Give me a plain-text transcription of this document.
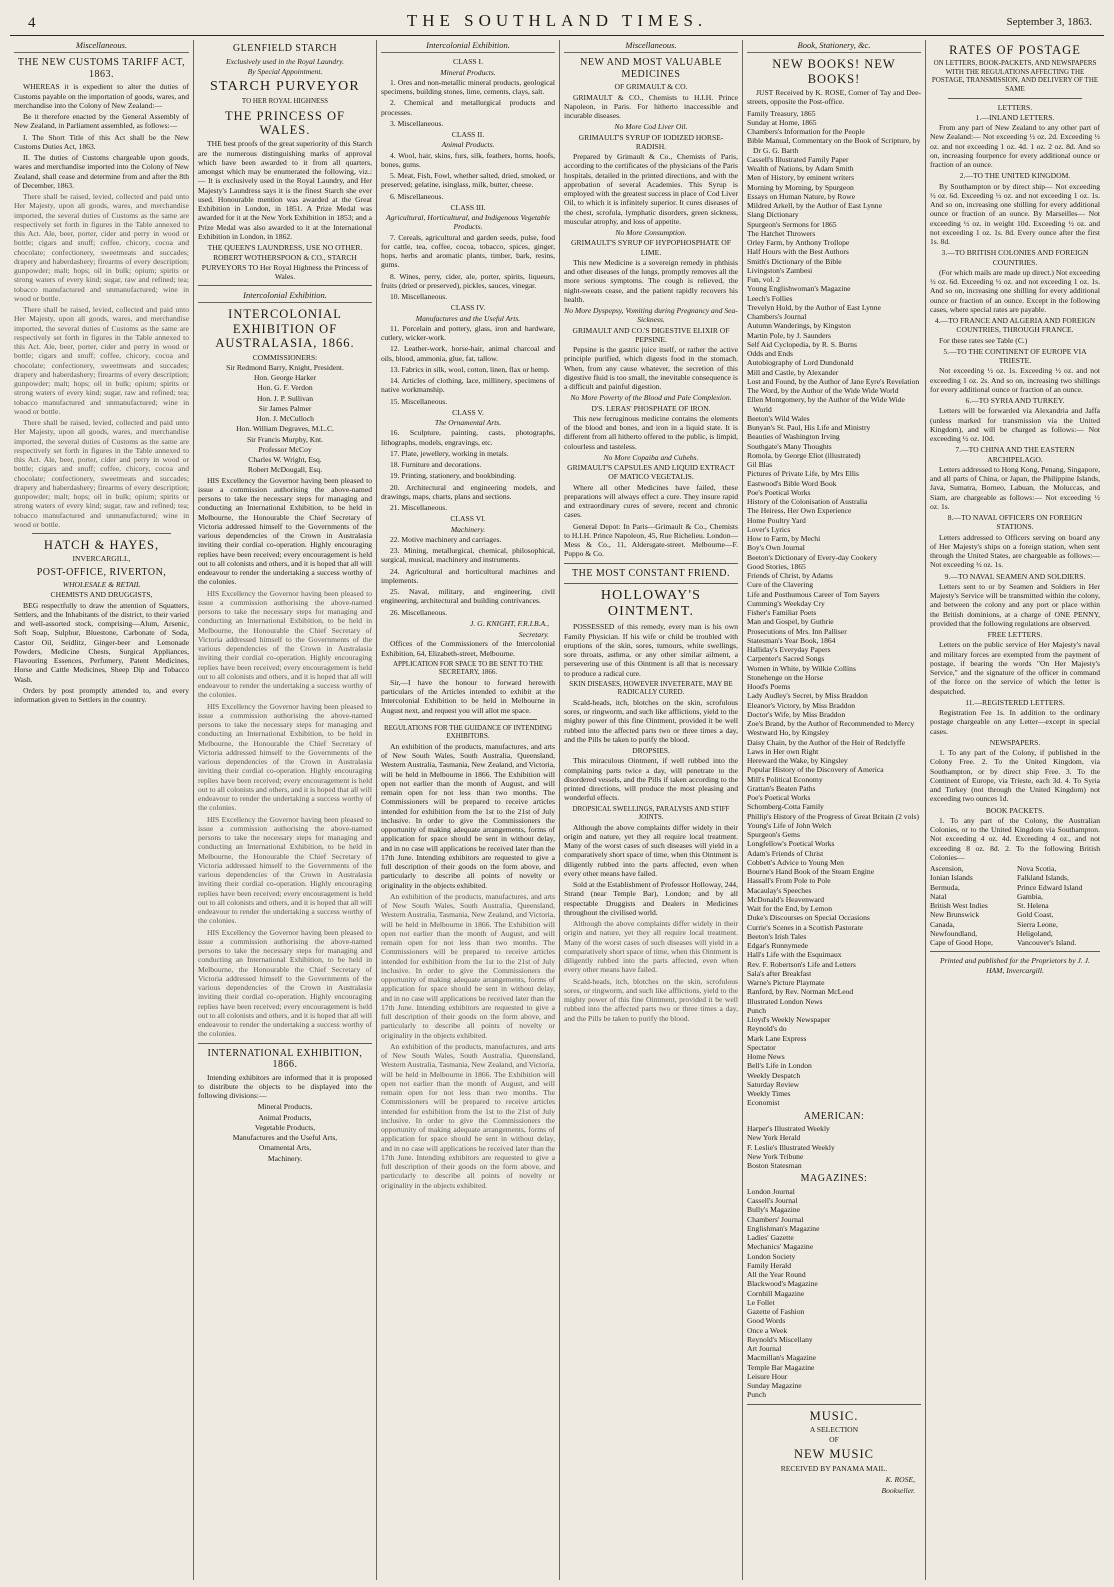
4	THE SOUTHLAND TIMES.	September 3, 1863.
Miscellaneous.
THE NEW CUSTOMS TARIFF ACT, 1863.

WHEREAS it is expedient to alter the duties of Customs payable on the importation of goods, wares, and merchandise into the Colony of New Zealand:—

Be it therefore enacted by the General Assembly of New Zealand, in Parliament assembled, as follows:—

I. The Short Title of this Act shall be the New Customs Duties Act, 1863.

II. The duties of Customs chargeable upon goods, wares and merchandise imported into the Colony of New Zealand, shall cease and determine from and after the 8th of December, 1863.

There shall be raised, levied, collected and paid unto Her Majesty, upon all goods, wares, and merchandise imported, the several duties of Customs as the same are respectively set forth in figures in the Table annexed to this Act. Ale, beer, porter, cider and perry in wood or bottle; cigars and snuff; coffee, chicory, cocoa and chocolate; confectionery, sweetmeats and succades; drapery and haberdashery; firearms of every description; gunpowder; malt; hops; oil in bulk; opium; spirits or strong waters of every kind; sugar, raw and refined; tea; tobacco manufactured and unmanufactured; wine in wood or bottle.

There shall be raised, levied, collected and paid unto Her Majesty, upon all goods, wares, and merchandise imported, the several duties of Customs as the same are respectively set forth in figures in the Table annexed to this Act. Ale, beer, porter, cider and perry in wood or bottle; cigars and snuff; coffee, chicory, cocoa and chocolate; confectionery, sweetmeats and succades; drapery and haberdashery; firearms of every description; gunpowder; malt; hops; oil in bulk; opium; spirits or strong waters of every kind; sugar, raw and refined; tea; tobacco manufactured and unmanufactured; wine in wood or bottle.

There shall be raised, levied, collected and paid unto Her Majesty, upon all goods, wares, and merchandise imported, the several duties of Customs as the same are respectively set forth in figures in the Table annexed to this Act. Ale, beer, porter, cider and perry in wood or bottle; cigars and snuff; coffee, chicory, cocoa and chocolate; confectionery, sweetmeats and succades; drapery and haberdashery; firearms of every description; gunpowder; malt; hops; oil in bulk; opium; spirits or strong waters of every kind; sugar, raw and refined; tea; tobacco manufactured and unmanufactured; wine in wood or bottle.

HATCH & HAYES,
INVERCARGILL,
POST-OFFICE, RIVERTON,
WHOLESALE & RETAIL
CHEMISTS AND DRUGGISTS,

BEG respectfully to draw the attention of Squatters, Settlers, and the Inhabitants of the district, to their varied and well-assorted stock, comprising—Alum, Arsenic, Soft Soap, Sulphur, Bluestone, Carbonate of Soda, Castor Oil, Seidlitz, Ginger-beer and Lemonade Powders, Medicine Chests, Surgical Appliances, Flavouring Essences, Perfumery, Patent Medicines, Horse and Cattle Medicines, Sheep Dip and Tobacco Wash.

Orders by post promptly attended to, and every information given to Settlers in the country.

GLENFIELD STARCH
Exclusively used in the Royal Laundry.
By Special Appointment.
STARCH PURVEYOR
TO HER ROYAL HIGHNESS
THE PRINCESS OF WALES.

THE best proofs of the great superiority of this Starch are the numerous distinguishing marks of approval which have been awarded to it from all quarters, amongst which may be enumerated the following, viz.:— It is exclusively used in the Royal Laundry, and Her Majesty's Laundress says it is the finest Starch she ever used. Honourable mention was awarded at the Great Exhibition in London, in 1851. A Prize Medal was awarded for it at the New York Exhibition in 1853; and a Prize Medal was also awarded to it at the International Exhibition in London, in 1862.

THE QUEEN'S LAUNDRESS, USE NO OTHER.
ROBERT WOTHERSPOON & CO., STARCH PURVEYORS TO Her Royal Highness the Princess of Wales.
Intercolonial Exhibition.
INTERCOLONIAL EXHIBITION OF AUSTRALASIA, 1866.
COMMISSIONERS:
Sir Redmond Barry, Knight, President.
Hon. George Harker
Hon. G. F. Verdon
Hon. J. P. Sullivan
Sir James Palmer
Hon. J. McCulloch
Hon. William Degraves, M.L.C.
Sir Francis Murphy, Knt.
Professor McCoy
Charles W. Wright, Esq.
Robert McDougall, Esq.

HIS Excellency the Governor having been pleased to issue a commission authorising the above-named persons to take the necessary steps for managing and conducting an International Exhibition, to be held in Melbourne, the Honourable the Chief Secretary of Victoria addressed himself to the Governments of the various dependencies of the Crown in Australasia inviting their cordial co-operation. Highly encouraging replies have been received; every encouragement is held out to all colonists and others, and it is hoped that all will endeavour to render the undertaking a success worthy of the colonies.

HIS Excellency the Governor having been pleased to issue a commission authorising the above-named persons to take the necessary steps for managing and conducting an International Exhibition, to be held in Melbourne, the Honourable the Chief Secretary of Victoria addressed himself to the Governments of the various dependencies of the Crown in Australasia inviting their cordial co-operation. Highly encouraging replies have been received; every encouragement is held out to all colonists and others, and it is hoped that all will endeavour to render the undertaking a success worthy of the colonies.

HIS Excellency the Governor having been pleased to issue a commission authorising the above-named persons to take the necessary steps for managing and conducting an International Exhibition, to be held in Melbourne, the Honourable the Chief Secretary of Victoria addressed himself to the Governments of the various dependencies of the Crown in Australasia inviting their cordial co-operation. Highly encouraging replies have been received; every encouragement is held out to all colonists and others, and it is hoped that all will endeavour to render the undertaking a success worthy of the colonies.

HIS Excellency the Governor having been pleased to issue a commission authorising the above-named persons to take the necessary steps for managing and conducting an International Exhibition, to be held in Melbourne, the Honourable the Chief Secretary of Victoria addressed himself to the Governments of the various dependencies of the Crown in Australasia inviting their cordial co-operation. Highly encouraging replies have been received; every encouragement is held out to all colonists and others, and it is hoped that all will endeavour to render the undertaking a success worthy of the colonies.

HIS Excellency the Governor having been pleased to issue a commission authorising the above-named persons to take the necessary steps for managing and conducting an International Exhibition, to be held in Melbourne, the Honourable the Chief Secretary of Victoria addressed himself to the Governments of the various dependencies of the Crown in Australasia inviting their cordial co-operation. Highly encouraging replies have been received; every encouragement is held out to all colonists and others, and it is hoped that all will endeavour to render the undertaking a success worthy of the colonies.

INTERNATIONAL EXHIBITION, 1866.

Intending exhibitors are informed that it is proposed to distribute the objects to be displayed into the following divisions:—

Mineral Products,
Animal Products,
Vegetable Products,
Manufactures and the Useful Arts,
Ornamental Arts,
Machinery.
Intercolonial Exhibition.
CLASS I.
Mineral Products.

1. Ores and non-metallic mineral products, geological specimens, building stones, lime, cements, clays, salt.

2. Chemical and metallurgical products and processes.

3. Miscellaneous.

CLASS II.
Animal Products.

4. Wool, hair, skins, furs, silk, feathers, horns, hoofs, bones, gums.

5. Meat, Fish, Fowl, whether salted, dried, smoked, or preserved; gelatine, isinglass, milk, butter, cheese.

6. Miscellaneous.

CLASS III.
Agricultural, Horticultural, and Indigenous Vegetable Products.

7. Cereals, agricultural and garden seeds, pulse, food for cattle, tea, coffee, cocoa, tobacco, spices, ginger, hops, herbs and aromatic plants, timber, bark, resins, gums.

8. Wines, perry, cider, ale, porter, spirits, liqueurs, fruits (dried or preserved), pickles, sauces, vinegar.

10. Miscellaneous.

CLASS IV.
Manufactures and the Useful Arts.

11. Porcelain and pottery, glass, iron and hardware, cutlery, wicker-work.

12. Leather-work, horse-hair, animal charcoal and oils, blood, ammonia, glue, fat, tallow.

13. Fabrics in silk, wool, cotton, linen, flax or hemp.

14. Articles of clothing, lace, millinery, specimens of native workmanship.

15. Miscellaneous.

CLASS V.
The Ornamental Arts.

16. Sculpture, painting, casts, photographs, lithographs, models, engravings, etc.

17. Plate, jewellery, working in metals.

18. Furniture and decorations.

19. Printing, stationery, and bookbinding.

20. Architectural and engineering models, and drawings, maps, charts, plans and sections.

21. Miscellaneous.

CLASS VI.
Machinery.

22. Motive machinery and carriages.

23. Mining, metallurgical, chemical, philosophical, surgical, musical, machinery and instruments.

24. Agricultural and horticultural machines and implements.

25. Naval, military, and engineering, civil engineering, architectural and building contrivances.

26. Miscellaneous.

J. G. KNIGHT, F.R.I.B.A.,
Secretary.

Offices of the Commissioners of the Intercolonial Exhibition, 64, Elizabeth-street, Melbourne.

APPLICATION FOR SPACE TO BE SENT TO THE SECRETARY, 1866.

Sir,—I have the honour to forward herewith particulars of the Articles intended to exhibit at the Intercolonial Exhibition to be held in Melbourne in August next, and request you will allot me space.

REGULATIONS FOR THE GUIDANCE OF INTENDING EXHIBITORS.

An exhibition of the products, manufactures, and arts of New South Wales, South Australia, Queensland, Western Australia, Tasmania, New Zealand, and Victoria, will be held in Melbourne in 1866. The Exhibition will open not earlier than the month of August, and will remain open for not less than two months. The Commissioners will be prepared to receive articles intended for exhibition from the 1st to the 21st of July inclusive. In order to give the Commissioners the opportunity of making adequate arrangements, forms of application for space should be sent in without delay, and in no case will applications be received later than the 17th June. Intending exhibitors are requested to give a full description of their goods on the form above, and particularly to describe all points of novelty or originality in the objects exhibited.

An exhibition of the products, manufactures, and arts of New South Wales, South Australia, Queensland, Western Australia, Tasmania, New Zealand, and Victoria, will be held in Melbourne in 1866. The Exhibition will open not earlier than the month of August, and will remain open for not less than two months. The Commissioners will be prepared to receive articles intended for exhibition from the 1st to the 21st of July inclusive. In order to give the Commissioners the opportunity of making adequate arrangements, forms of application for space should be sent in without delay, and in no case will applications be received later than the 17th June. Intending exhibitors are requested to give a full description of their goods on the form above, and particularly to describe all points of novelty or originality in the objects exhibited.

An exhibition of the products, manufactures, and arts of New South Wales, South Australia, Queensland, Western Australia, Tasmania, New Zealand, and Victoria, will be held in Melbourne in 1866. The Exhibition will open not earlier than the month of August, and will remain open for not less than two months. The Commissioners will be prepared to receive articles intended for exhibition from the 1st to the 21st of July inclusive. In order to give the Commissioners the opportunity of making adequate arrangements, forms of application for space should be sent in without delay, and in no case will applications be received later than the 17th June. Intending exhibitors are requested to give a full description of their goods on the form above, and particularly to describe all points of novelty or originality in the objects exhibited.

Miscellaneous.
NEW AND MOST VALUABLE MEDICINES
OF GRIMAULT & CO.

GRIMAULT & CO., Chemists to H.I.H. Prince Napoleon, in Paris. For hitherto inaccessible and incurable diseases.

No More Cod Liver Oil.
GRIMAULT'S SYRUP OF IODIZED HORSE-RADISH.

Prepared by Grimault & Co., Chemists of Paris, according to the certificates of the physicians of the Paris hospitals, detailed in the printed directions, and with the approbation of several Academies. This Syrup is employed with the greatest success in place of Cod Liver Oil, to which it is infinitely superior. It cures diseases of the chest, scrofula, lymphatic disorders, green sickness, muscular atrophy, and loss of appetite.

No More Consumption.
GRIMAULT'S SYRUP OF HYPOPHOSPHATE OF LIME.

This new Medicine is a sovereign remedy in phthisis and other diseases of the lungs, promptly removes all the more serious symptoms. The cough is relieved, the night-sweats cease, and the patient rapidly recovers his health.

No More Dyspepsy, Vomiting during Pregnancy and Sea-Sickness.
GRIMAULT AND CO.'S DIGESTIVE ELIXIR OF PEPSINE.

Pepsine is the gastric juice itself, or rather the active principle purified, which digests food in the stomach. When, from any cause whatever, the secretion of this digestive fluid is too small, the inevitable consequence is a difficult and painful digestion.

No More Poverty of the Blood and Pale Complexion.
D'S. LERAS' PHOSPHATE OF IRON.

This new ferruginous medicine contains the elements of the blood and bones, and iron in a liquid state. It is different from all hitherto offered to the public, is limpid, colourless and tasteless.

No More Copaiba and Cubebs.
GRIMAULT'S CAPSULES AND LIQUID EXTRACT OF MATICO VEGETALIS.

Where all other Medicines have failed, these preparations will always effect a cure. They insure rapid and extraordinary cures of severe, recent and chronic cases.

General Depot: In Paris—Grimault & Co., Chemists to H.I.H. Prince Napoleon, 45, Rue Richelieu. London—Mess & Co., 11, Aldersgate-street. Melbourne—F. Puppo & Co.

THE MOST CONSTANT FRIEND.
HOLLOWAY'S OINTMENT.

POSSESSED of this remedy, every man is his own Family Physician. If his wife or child be troubled with eruptions of the skin, sores, tumours, white swellings, sore throats, asthma, or any other similar ailment, a persevering use of this Ointment is all that is necessary to produce a radical cure.

SKIN DISEASES, HOWEVER INVETERATE, MAY BE RADICALLY CURED.

Scald-heads, itch, blotches on the skin, scrofulous sores, or ringworm, and such like afflictions, yield to the mighty power of this fine Ointment, provided it be well rubbed into the affected parts two or three times a day, and the Pills be taken to purify the blood.

DROPSIES.

This miraculous Ointment, if well rubbed into the complaining parts twice a day, will penetrate to the disordered vessels, and the Pills if taken according to the printed directions, will produce the most pleasing and wonderful effects.

DROPSICAL SWELLINGS, PARALYSIS AND STIFF JOINTS.

Although the above complaints differ widely in their origin and nature, yet they all require local treatment. Many of the worst cases of such diseases will yield in a comparatively short space of time, when this Ointment is diligently rubbed into the parts affected, even when every other means have failed.

Sold at the Establishment of Professor Holloway, 244, Strand (near Temple Bar), London; and by all respectable Druggists and Dealers in Medicines throughout the civilised world.

Although the above complaints differ widely in their origin and nature, yet they all require local treatment. Many of the worst cases of such diseases will yield in a comparatively short space of time, when this Ointment is diligently rubbed into the parts affected, even when every other means have failed.

Scald-heads, itch, blotches on the skin, scrofulous sores, or ringworm, and such like afflictions, yield to the mighty power of this fine Ointment, provided it be well rubbed into the affected parts two or three times a day, and the Pills be taken to purify the blood.

Book, Stationery, &c.
NEW BOOKS! NEW BOOKS!

JUST Received by K. ROSE, Corner of Tay and Dee-streets, opposite the Post-office.

Family Treasury, 1865
Sunday at Home, 1865
Chambers's Information for the People
Bible Manual, Commentary on the Book of Scripture, by Dr G. G. Barth
Cassell's Illustrated Family Paper
Wealth of Nations, by Adam Smith
Men of History, by eminent writers
Morning by Morning, by Spurgeon
Essays on Human Nature, by Rowe
Mildred Arkell, by the Author of East Lynne
Slang Dictionary
Spurgeon's Sermons for 1865
The Hatchet Throwers
Orley Farm, by Anthony Trollope
Half Hours with the Best Authors
Smith's Dictionary of the Bible
Livingston's Zambesi
Fun, vol. 2
Young Englishwoman's Magazine
Leech's Follies
Trevelyn Hold, by the Author of East Lynne
Chambers's Journal
Autumn Wanderings, by Kingston
Martin Pole, by J. Saunders
Self Aid Cyclopedia, by R. S. Burns
Odds and Ends
Autobiography of Lord Dundonald
Mill and Castle, by Alexander
Lost and Found, by the Author of Jane Eyre's Revelation
The Word, by the Author of the Wide Wide World
Ellen Montgomery, by the Author of the Wide Wide World
Beeton's Wild Wales
Bunyan's St. Paul, His Life and Ministry
Beauties of Washington Irving
Southgate's Many Thoughts
Romola, by George Eliot (illustrated)
Gil Blas
Pictures of Private Life, by Mrs Ellis
Eastwood's Bible Word Book
Poe's Poetical Works
History of the Colonisation of Australia
The Heiress, Her Own Experience
Home Poultry Yard
Lover's Lyrics
How to Farm, by Mechi
Boy's Own Journal
Beeton's Dictionary of Every-day Cookery
Good Stories, 1865
Friends of Christ, by Adams
Cure of the Clavering
Life and Posthumous Career of Tom Sayers
Cumming's Weekday Cry
Fisher's Familiar Poets
Man and Gospel, by Guthrie
Prosecutions of Mrs. Inn Palliser
Statesman's Year Book, 1864
Halliday's Everyday Papers
Carpenter's Sacred Songs
Women in White, by Wilkie Collins
Stonehenge on the Horse
Hood's Poems
Lady Audley's Secret, by Miss Braddon
Eleanor's Victory, by Miss Braddon
Doctor's Wife, by Miss Braddon
Zoe's Brand, by the Author of Recommended to Mercy
Westward Ho, by Kingsley
Daisy Chain, by the Author of the Heir of Redclyffe
Laws in Her own Right
Hereward the Wake, by Kingsley
Popular History of the Discovery of America
Mill's Political Economy
Grattan's Beaten Paths
Poe's Poetical Works
Schomberg-Cotta Family
Phillip's History of the Progress of Great Britain (2 vols)
Young's Life of John Welch
Spurgeon's Gems
Longfellow's Poetical Works
Adam's Friends of Christ
Cobbett's Advice to Young Men
Bourne's Hand Book of the Steam Engine
Hassall's From Pole to Pole
Macaulay's Speeches
McDonald's Heavenward
Wait for the End, by Lemon
Duke's Discourses on Special Occasions
Currie's Scenes in a Scottish Pastorate
Beeton's Irish Tales
Edgar's Runnymede
Hall's Life with the Esquimaux
Rev. F. Robertson's Life and Letters
Sala's after Breakfast
Warne's Picture Playmate
Ranford, by Rev. Norman McLeod
Illustrated London News
Punch
Lloyd's Weekly Newspaper
Reynold's do
Mark Lane Express
Spectator
Home News
Bell's Life in London
Weekly Despatch
Saturday Review
Weekly Times
Economist
AMERICAN:
Harper's Illustrated Weekly
New York Herald
F. Leslie's Illustrated Weekly
New York Tribune
Boston Statesman
MAGAZINES:
London Journal
Cassell's Journal
Bully's Magazine
Chambers' Journal
Englishman's Magazine
Ladies' Gazette
Mechanics' Magazine
London Society
Family Herald
All the Year Round
Blackwood's Magazine
Cornhill Magazine
Le Follet
Gazette of Fashion
Good Words
Once a Week
Reynold's Miscellany
Art Journal
Macmillan's Magazine
Temple Bar Magazine
Leisure Hour
Sunday Magazine
Punch
MUSIC.
A SELECTION
OF
NEW MUSIC
RECEIVED BY PANAMA MAIL.
K. ROSE,
Bookseller.
RATES OF POSTAGE
ON LETTERS, BOOK-PACKETS, AND NEWSPAPERS WITH THE REGULATIONS AFFECTING THE POSTAGE, TRANSMISSION, AND DELIVERY OF THE SAME
LETTERS.
1.—INLAND LETTERS.

From any part of New Zealand to any other part of New Zealand:— Not exceeding ½ oz. 2d. Exceeding ½ oz. and not exceeding 1 oz. 4d. 1 oz. 2 oz. 8d. And so on, increasing fourpence for every additional ounce or fraction of an ounce.

2.—TO THE UNITED KINGDOM.

By Southampton or by direct ship— Not exceeding ½ oz. 6d. Exceeding ½ oz. and not exceeding 1 oz. 1s. And so on, increasing one shilling for every additional ounce or fraction of an ounce. By Marseilles— Not exceeding ½ oz. in weight 10d. Exceeding ½ oz. and not exceeding 1 oz. 1s. 8d. Every ounce after the first 1s. 8d.

3.—TO BRITISH COLONIES AND FOREIGN COUNTRIES.

(For which mails are made up direct.) Not exceeding ½ oz. 6d. Exceeding ½ oz. and not exceeding 1 oz. 1s. And so on, increasing one shilling for every additional ounce or fraction of an ounce. Except in the following cases, where special rates are payable.

4.—TO FRANCE AND ALGERIA AND FOREIGN COUNTRIES, THROUGH FRANCE.

For these rates see Table (C.)

5.—TO THE CONTINENT OF EUROPE VIA TRIESTE.

Not exceeding ½ oz. 1s. Exceeding ½ oz. and not exceeding 1 oz. 2s. And so on, increasing two shillings for every additional ounce or fraction of an ounce.

6.—TO SYRIA AND TURKEY.

Letters will be forwarded via Alexandria and Jaffa (unless marked for transmission via the United Kingdom), and will be charged as follows:— Not exceeding ½ oz. 10d.

7.—TO CHINA AND THE EASTERN ARCHIPELAGO.

Letters addressed to Hong Kong, Penang, Singapore, and all parts of China, or Japan, the Philippine Islands, Java, Sumatra, Borneo, Labuan, the Moluccas, and Siam, are chargeable as follows:— Not exceeding ½ oz. 1s.

8.—TO NAVAL OFFICERS ON FOREIGN STATIONS.

Letters addressed to Officers serving on board any of Her Majesty's ships on a foreign station, when sent through the United States, are chargeable as follows:— Not exceeding ½ oz. 1s.

9.—TO NAVAL SEAMEN AND SOLDIERS.

Letters sent to or by Seamen and Soldiers in Her Majesty's Service will be transmitted within the colony, and between the colony and any port or place within the British dominions, at a charge of ONE PENNY, provided that the following regulations are observed.

FREE LETTERS.

Letters on the public service of Her Majesty's naval and military forces are exempted from the payment of postage, if bearing the words "On Her Majesty's Service," and the signature of the officer in command of the force on the service of which the letter is despatched.

11.—REGISTERED LETTERS.

Registration Fee 1s. In addition to the ordinary postage chargeable on any Letter—except in special cases.

NEWSPAPERS.

1. To any part of the Colony, if published in the Colony Free. 2. To the United Kingdom, via Southampton, or by direct ship Free. 3. To the Continent of Europe, via Trieste, each 3d. 4. To Syria and Turkey (not through the United Kingdom) not exceeding two ounces 1d.

BOOK PACKETS.

1. To any part of the Colony, the Australian Colonies, or to the United Kingdom via Southampton. Not exceeding 4 oz. 4d. Exceeding 4 oz., and not exceeding 8 oz. 8d. 2. To the following British Colonies—

Ascension,
Ionian Islands
Bermuda,
Natal
British West Indies
New Brunswick
Canada,
Newfoundland,
Cape of Good Hope,
Nova Scotia,
Falkland Islands,
Prince Edward Island
Gambia,
St. Helena
Gold Coast,
Sierra Leone,
Heligoland,
Vancouver's Island.
Printed and published for the Proprietors by J. J. HAM, Invercargill.
